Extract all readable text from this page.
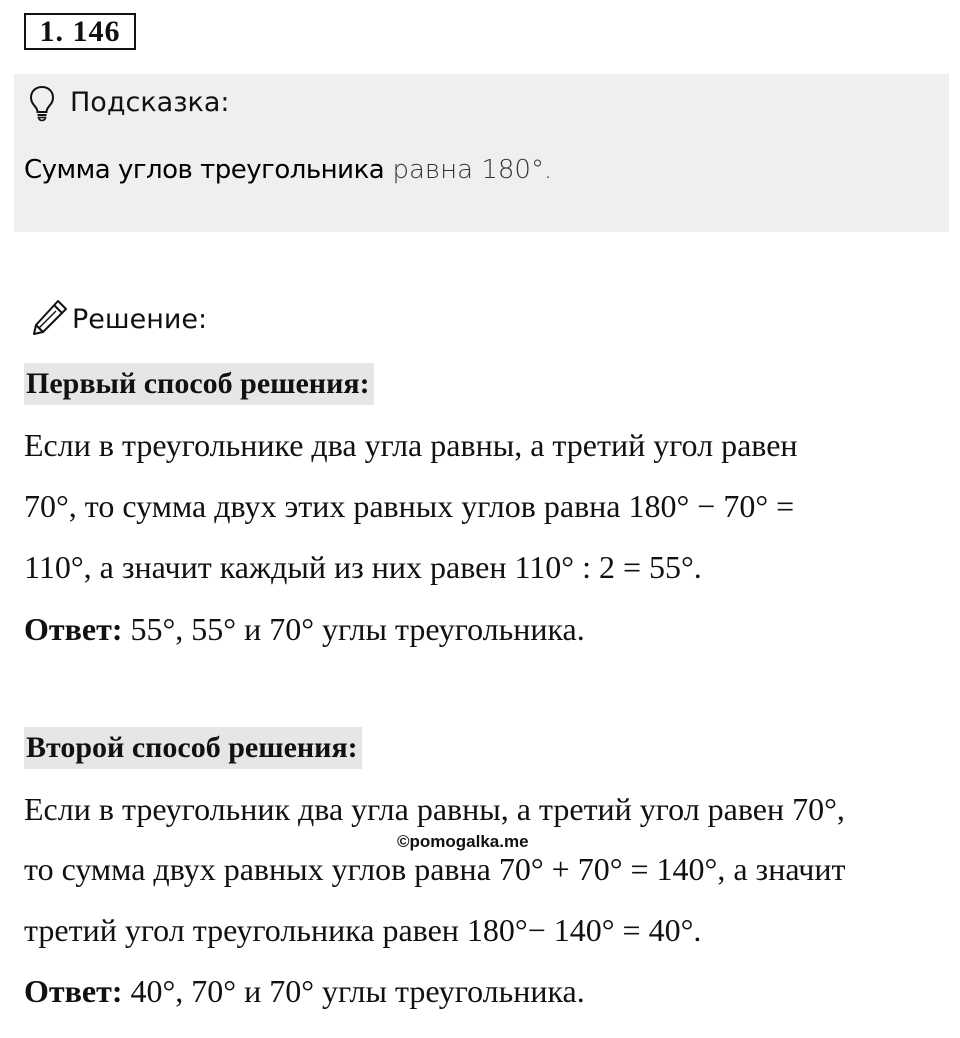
1. 146
Подсказка:
Сумма углов треугольника равна 180°.
Решение:
Первый способ решения:
Если в треугольнике два угла равны, а третий угол равен
70°, то сумма двух этих равных углов равна 180° − 70° =
110°, а значит каждый из них равен 110° : 2 = 55°.
Ответ: 55°, 55° и 70° углы треугольника.
Второй способ решения:
Если в треугольник два угла равны, а третий угол равен 70°,
©pomogalka.me
то сумма двух равных углов равна 70° + 70° = 140°, а значит
третий угол треугольника равен 180°− 140° = 40°.
Ответ: 40°, 70° и 70° углы треугольника.
